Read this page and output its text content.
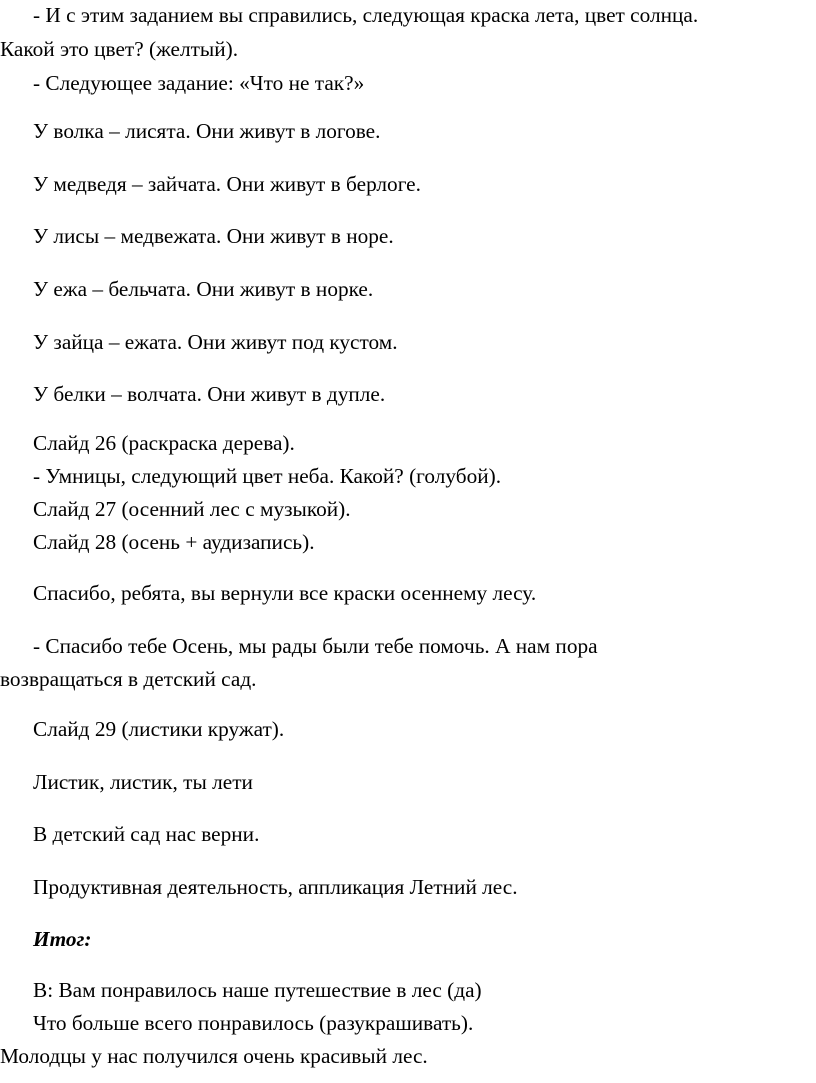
- И с этим заданием вы справились, следующая краска лета, цвет солнца.
Какой это цвет? (желтый).
- Следующее задание: «Что не так?»
У волка – лисята. Они живут в логове.
У медведя – зайчата. Они живут в берлоге.
У лисы – медвежата. Они живут в норе.
У ежа – бельчата. Они живут в норке.
У зайца – ежата. Они живут под кустом.
У белки – волчата. Они живут в дупле.
Слайд 26 (раскраска дерева).
- Умницы, следующий цвет неба. Какой? (голубой).
Слайд 27 (осенний лес с музыкой).
Слайд 28 (осень + аудизапись).
Спасибо, ребята, вы вернули все краски осеннему лесу.
- Спасибо тебе Осень, мы рады были тебе помочь. А нам пора
возвращаться в детский сад.
Слайд 29 (листики кружат).
Листик, листик, ты лети
В детский сад нас верни.
Продуктивная деятельность, аппликация Летний лес.
Итог:
В: Вам понравилось наше путешествие в лес (да)
Что больше всего понравилось (разукрашивать).
Молодцы у нас получился очень красивый лес.
